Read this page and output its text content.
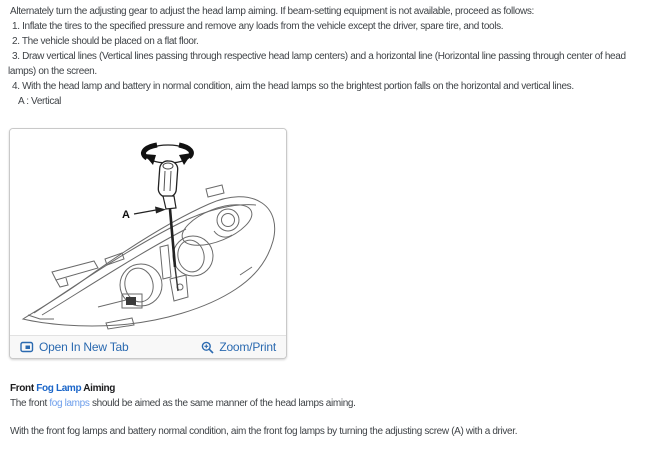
Alternately turn the adjusting gear to adjust the head lamp aiming. If beam-setting equipment is not available, proceed as follows:
1. Inflate the tires to the specified pressure and remove any loads from the vehicle except the driver, spare tire, and tools.
2. The vehicle should be placed on a flat floor.
3. Draw vertical lines (Vertical lines passing through respective head lamp centers) and a horizontal line (Horizontal line passing through center of head
lamps) on the screen.
4. With the head lamp and battery in normal condition, aim the head lamps so the brightest portion falls on the horizontal and vertical lines.
A : Vertical
A
Open In New Tab	Zoom/Print
Front Fog Lamp Aiming
The front fog lamps should be aimed as the same manner of the head lamps aiming.
With the front fog lamps and battery normal condition, aim the front fog lamps by turning the adjusting screw (A) with a driver.
